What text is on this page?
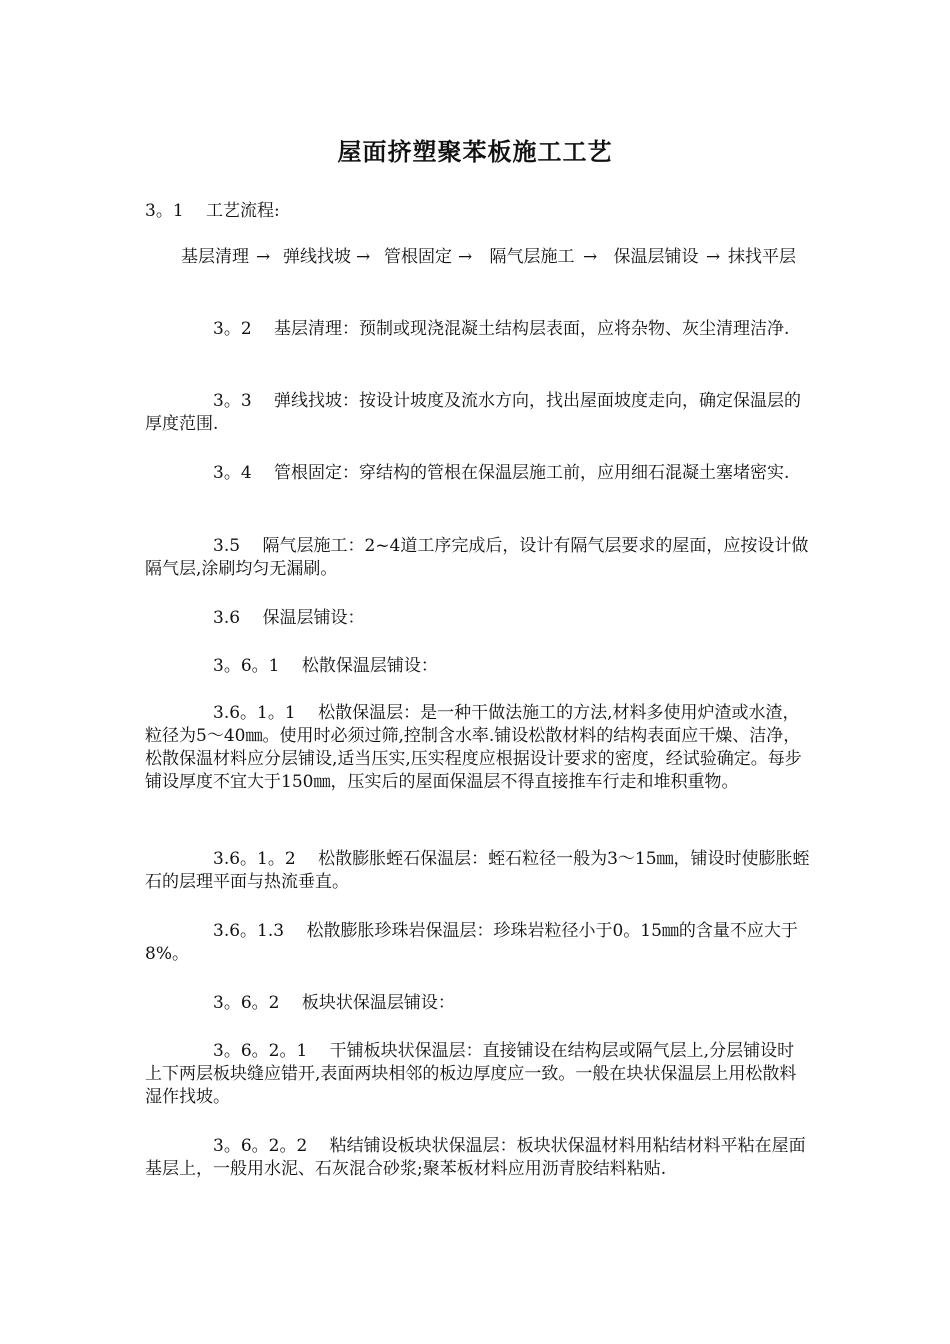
屋面挤塑聚苯板施工工艺
3。1　 工艺流程:
基层清理 → 弹线找坡 → 管根固定 → 隔气层施工 → 保温层铺设 → 抹找平层
　　　　3。2　 基层清理：预制或现浇混凝土结构层表面，应将杂物、灰尘清理洁净.
　　　　3。3　 弹线找坡：按设计坡度及流水方向，找出屋面坡度走向，确定保温层的厚度范围.
　　　　3。4　 管根固定：穿结构的管根在保温层施工前，应用细石混凝土塞堵密实.
　　　　3.5　 隔气层施工：2~4道工序完成后，设计有隔气层要求的屋面，应按设计做隔气层,涂刷均匀无漏刷。
　　　　3.6　 保温层铺设：
　　　　3。6。1　 松散保温层铺设：
　　　　3.6。1。1　 松散保温层：是一种干做法施工的方法,材料多使用炉渣或水渣，粒径为5～40㎜。使用时必须过筛,控制含水率.铺设松散材料的结构表面应干燥、洁净，松散保温材料应分层铺设,适当压实,压实程度应根据设计要求的密度，经试验确定。每步铺设厚度不宜大于150㎜，压实后的屋面保温层不得直接推车行走和堆积重物。
　　　　3.6。1。2　 松散膨胀蛭石保温层：蛭石粒径一般为3～15㎜，铺设时使膨胀蛭石的层理平面与热流垂直。
　　　　3.6。1.3　 松散膨胀珍珠岩保温层：珍珠岩粒径小于0。15㎜的含量不应大于8%。
　　　　3。6。2　 板块状保温层铺设：
　　　　3。6。2。1　 干铺板块状保温层：直接铺设在结构层或隔气层上,分层铺设时上下两层板块缝应错开,表面两块相邻的板边厚度应一致。一般在块状保温层上用松散料湿作找坡。
　　　　3。6。2。2　 粘结铺设板块状保温层：板块状保温材料用粘结材料平粘在屋面基层上，一般用水泥、石灰混合砂浆;聚苯板材料应用沥青胶结料粘贴.
